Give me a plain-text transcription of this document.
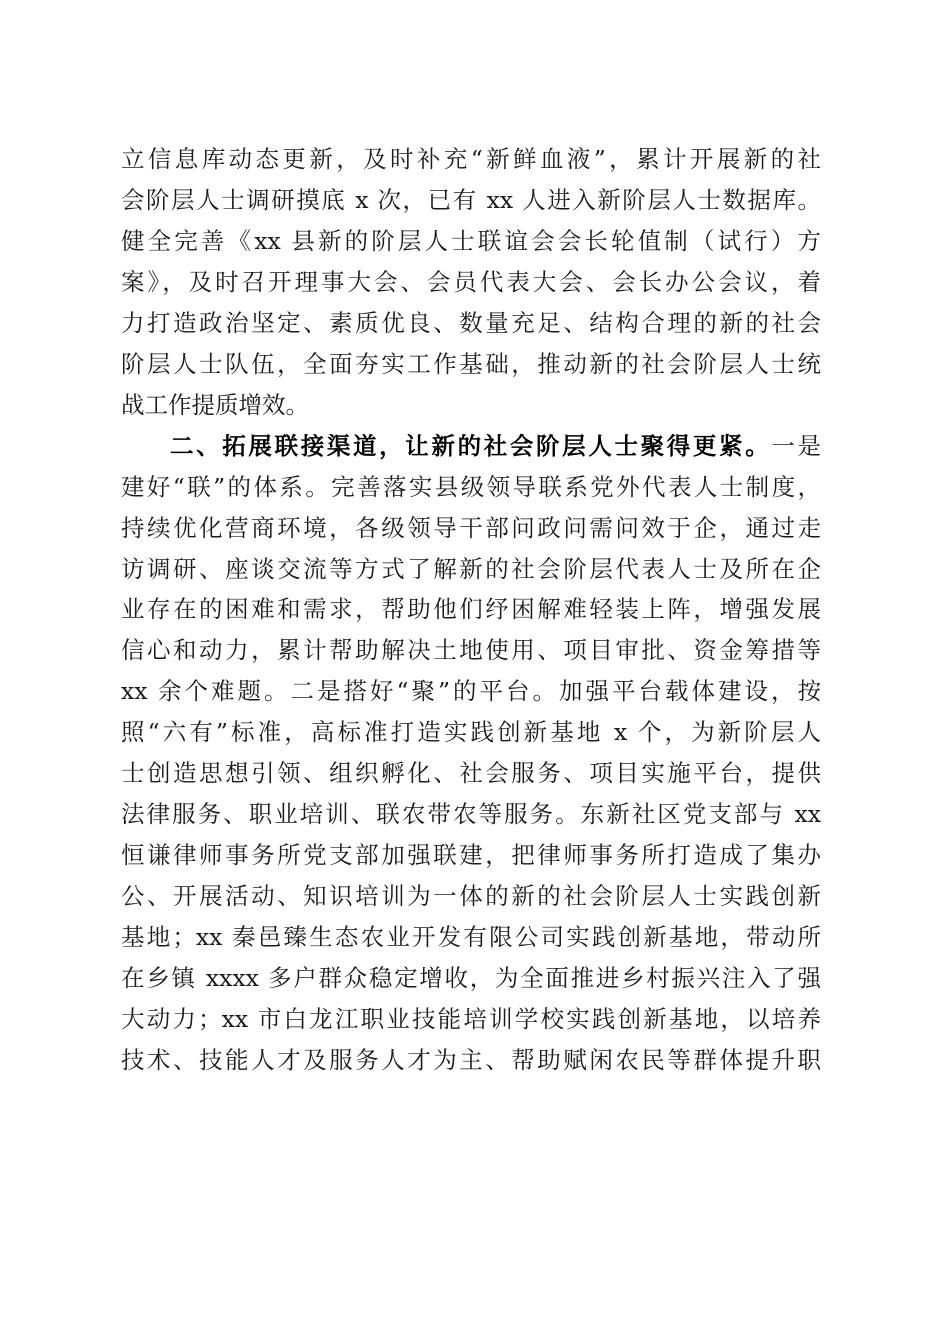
立信息库动态更新，及时补充“新鲜血液”，累计开展新的社
会阶层人士调研摸底 x 次，已有 xx 人进入新阶层人士数据库。
健全完善《xx 县新的阶层人士联谊会会长轮值制（试行）方
案》，及时召开理事大会、会员代表大会、会长办公会议，着
力打造政治坚定、素质优良、数量充足、结构合理的新的社会
阶层人士队伍，全面夯实工作基础，推动新的社会阶层人士统
战工作提质增效。
二、拓展联接渠道，让新的社会阶层人士聚得更紧。一是
建好“联”的体系。完善落实县级领导联系党外代表人士制度，
持续优化营商环境，各级领导干部问政问需问效于企，通过走
访调研、座谈交流等方式了解新的社会阶层代表人士及所在企
业存在的困难和需求，帮助他们纾困解难轻装上阵，增强发展
信心和动力，累计帮助解决土地使用、项目审批、资金筹措等
xx 余个难题。二是搭好“聚”的平台。加强平台载体建设，按
照“六有”标准，高标准打造实践创新基地 x 个，为新阶层人
士创造思想引领、组织孵化、社会服务、项目实施平台，提供
法律服务、职业培训、联农带农等服务。东新社区党支部与 xx
恒谦律师事务所党支部加强联建，把律师事务所打造成了集办
公、开展活动、知识培训为一体的新的社会阶层人士实践创新
基地；xx 秦邑臻生态农业开发有限公司实践创新基地，带动所
在乡镇 xxxx 多户群众稳定增收，为全面推进乡村振兴注入了强
大动力；xx 市白龙江职业技能培训学校实践创新基地，以培养
技术、技能人才及服务人才为主、帮助赋闲农民等群体提升职
